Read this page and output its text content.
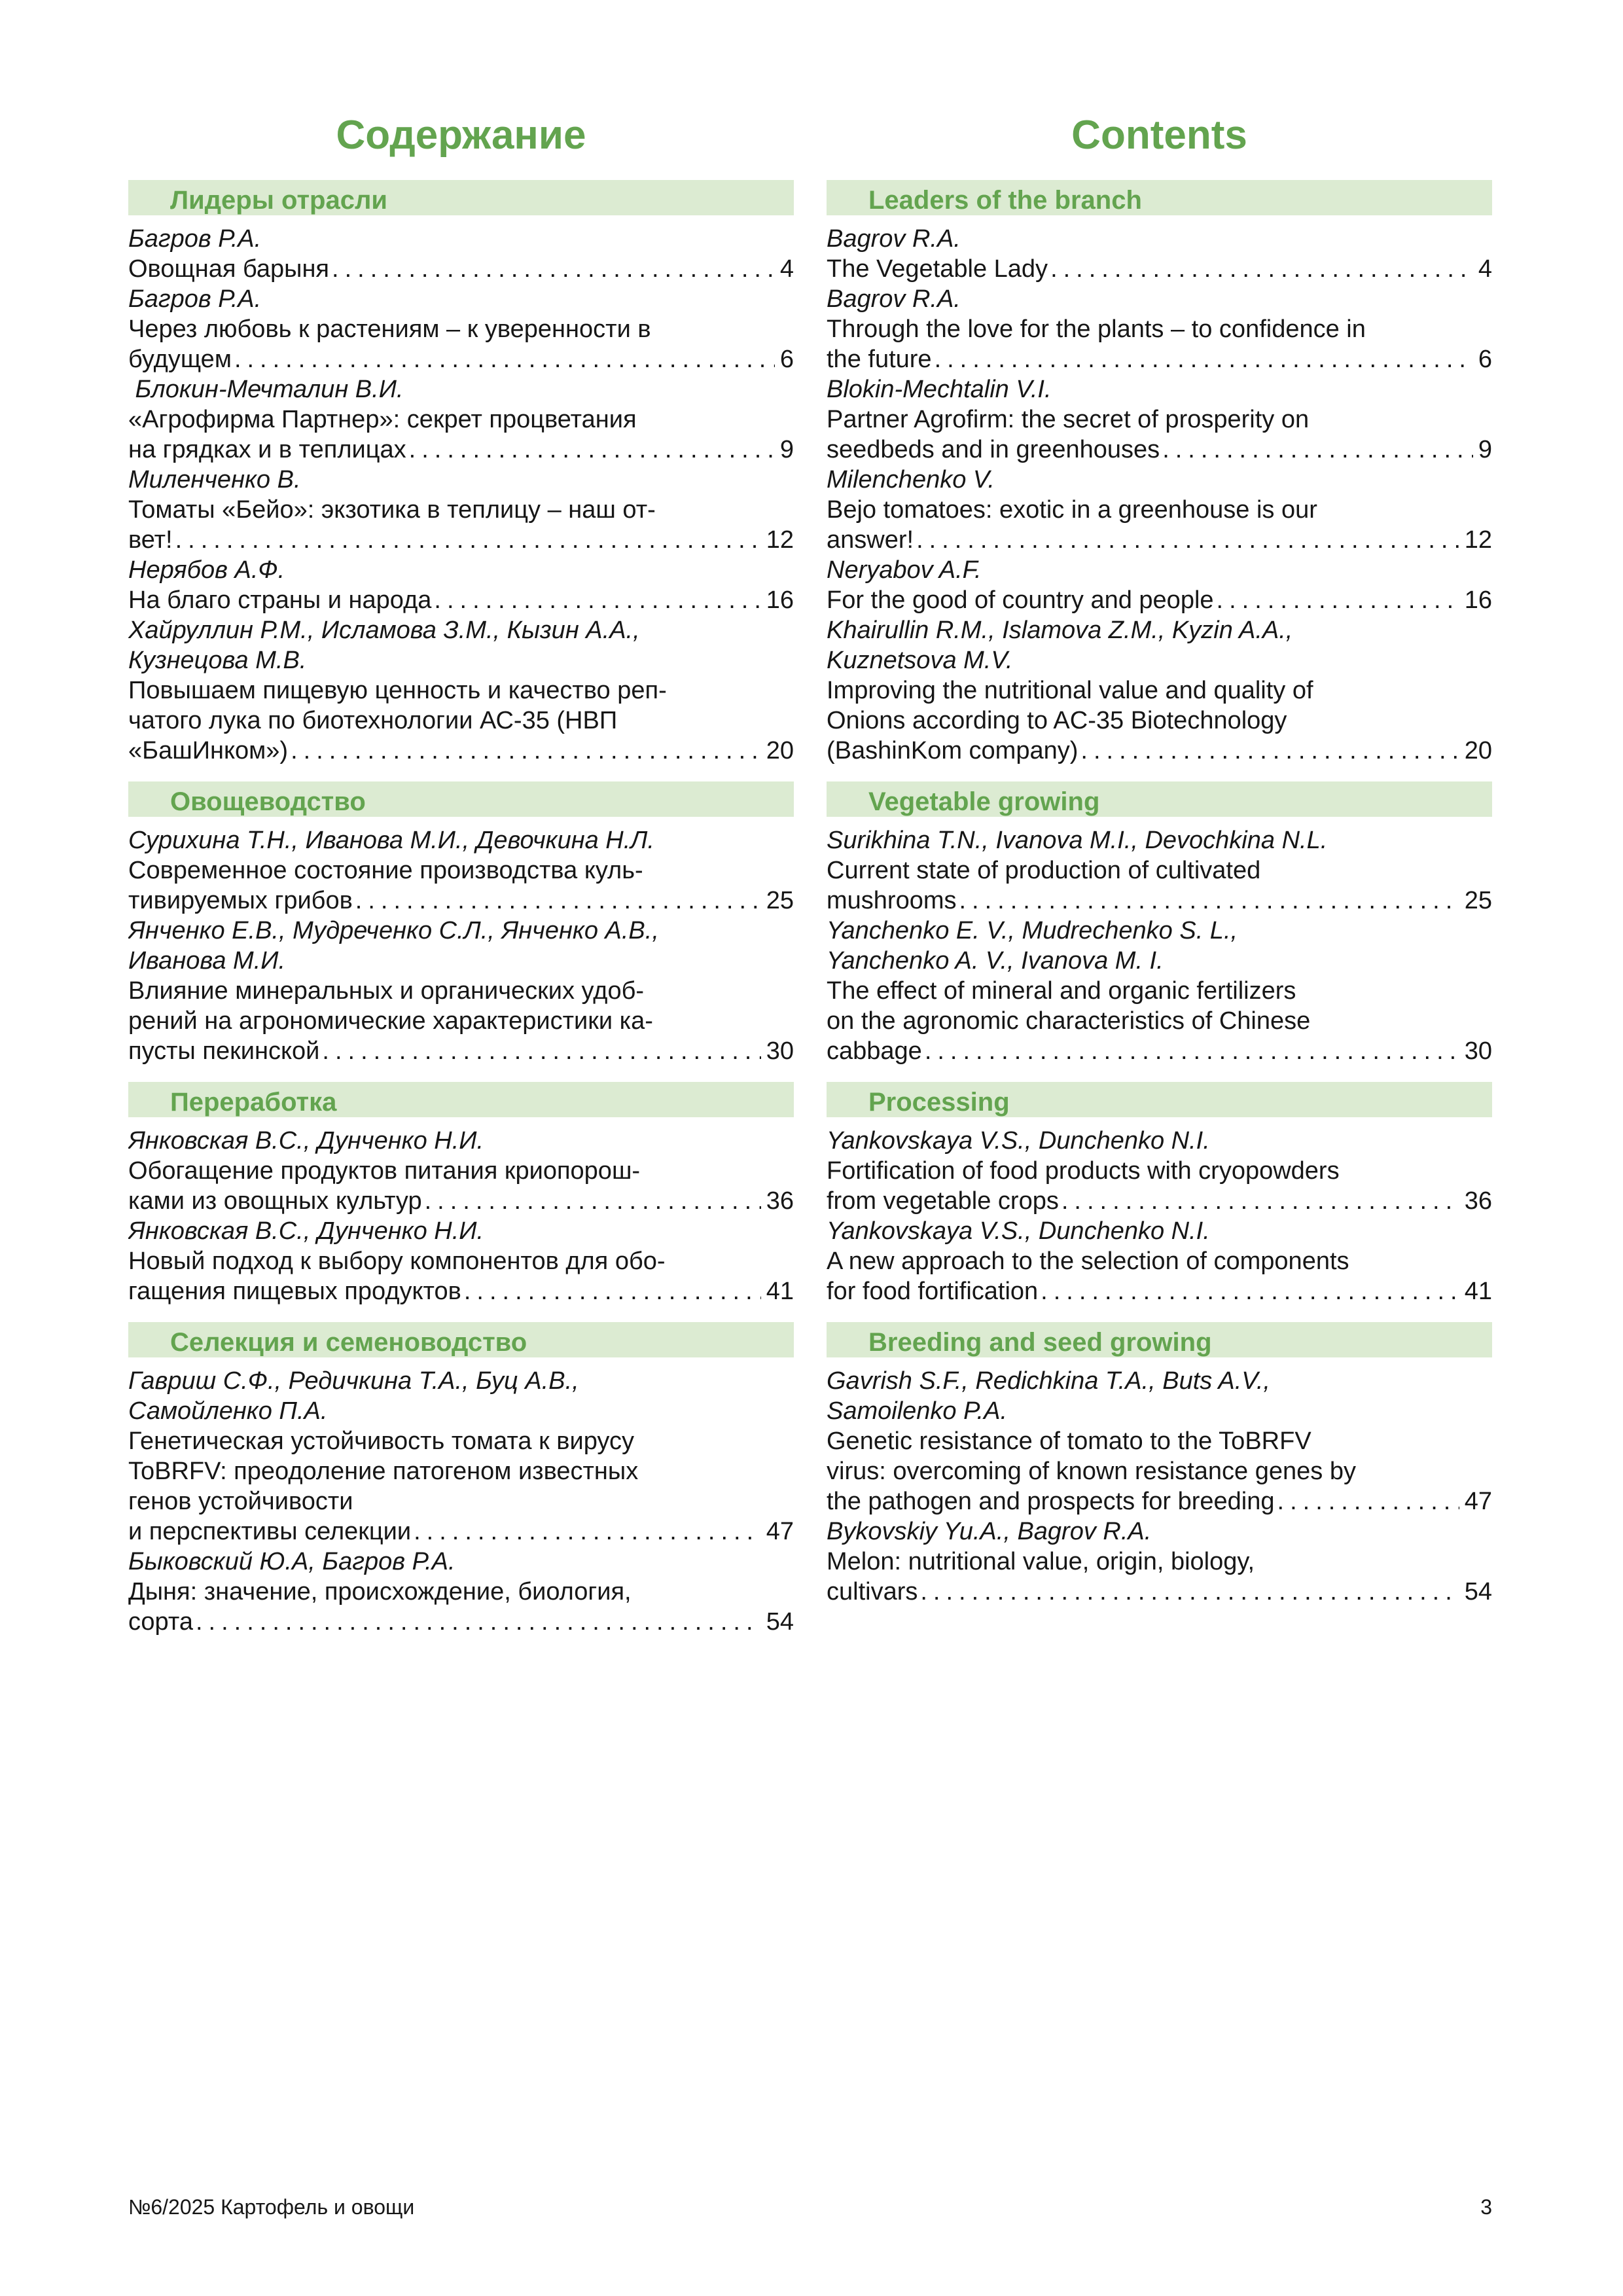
Содержание	Contents
Лидеры отрасли
Багров Р.А.
Овощная барыня .....	4
Багров Р.А.
Через любовь к растениям – к уверенности в
будущем .....	6
Блокин-Мечталин В.И.
«Агрофирма Партнер»: секрет процветания
на грядках и в теплицах .....	9
Миленченко В.
Томаты «Бейо»: экзотика в теплицу – наш от-
вет! .....	12
Нерябов А.Ф.
На благо страны и народа .....	16
Хайруллин Р.М., Исламова З.М., Кызин А.А.,
Кузнецова М.В.
Повышаем пищевую ценность и качество реп-
чатого лука по биотехнологии АС-35 (НВП
«БашИнком») .....	20
Овощеводство
Сурихина Т.Н., Иванова М.И., Девочкина Н.Л.
Современное состояние производства куль-
тивируемых грибов .....	25
Янченко Е.В., Мудреченко С.Л., Янченко А.В.,
Иванова М.И.
Влияние минеральных и органических удоб-
рений на агрономические характеристики ка-
пусты пекинской .....	30
Переработка
Янковская В.С., Дунченко Н.И.
Обогащение продуктов питания криопорош-
ками из овощных культур .....	36
Янковская В.С., Дунченко Н.И.
Новый подход к выбору компонентов для обо-
гащения пищевых продуктов .....	41
Селекция и семеноводство
Гавриш С.Ф., Редичкина Т.А., Буц А.В.,
Самойленко П.А.
Генетическая устойчивость томата к вирусу
ToBRFV: преодоление патогеном известных
генов устойчивости
и перспективы селекции .....	47
Быковский Ю.А, Багров Р.А.
Дыня: значение, происхождение, биология,
сорта .....	54
Leaders of the branch
Bagrov R.A.
The Vegetable Lady .....	4
Bagrov R.A.
Through the love for the plants – to confidence in
the future .....	6
Blokin-Mechtalin V.I.
Partner Agrofirm: the secret of prosperity on
seedbeds and in greenhouses .....	9
Milenchenko V.
Bejo tomatoes: exotic in a greenhouse is our
answer! .....	12
Neryabov A.F.
For the good of country and people .....	16
Khairullin R.M., Islamova Z.M., Kyzin A.A.,
Kuznetsova M.V.
Improving the nutritional value and quality of
Onions according to AC-35 Biotechnology
(BashinKom company) .....	20
Vegetable growing
Surikhina T.N., Ivanova M.I., Devochkina N.L.
Current state of production of cultivated
mushrooms .....	25
Yanchenko E. V., Mudrechenko S. L.,
Yanchenko A. V., Ivanova M. I.
The effect of mineral and organic fertilizers
on the agronomic characteristics of Chinese
cabbage .....	30
Processing
Yankovskaya V.S., Dunchenko N.I.
Fortification of food products with cryopowders
from vegetable crops .....	36
Yankovskaya V.S., Dunchenko N.I.
A new approach to the selection of components
for food fortification .....	41
Breeding and seed growing
Gavrish S.F., Redichkina T.A., Buts A.V.,
Samoilenko P.A.
Genetic resistance of tomato to the ToBRFV
virus: overcoming of known resistance genes by
the pathogen and prospects for breeding .....	47
Bykovskiy Yu.A., Bagrov R.A.
Melon: nutritional value, origin, biology,
cultivars .....	54
№6/2025 Картофель и овощи	3
